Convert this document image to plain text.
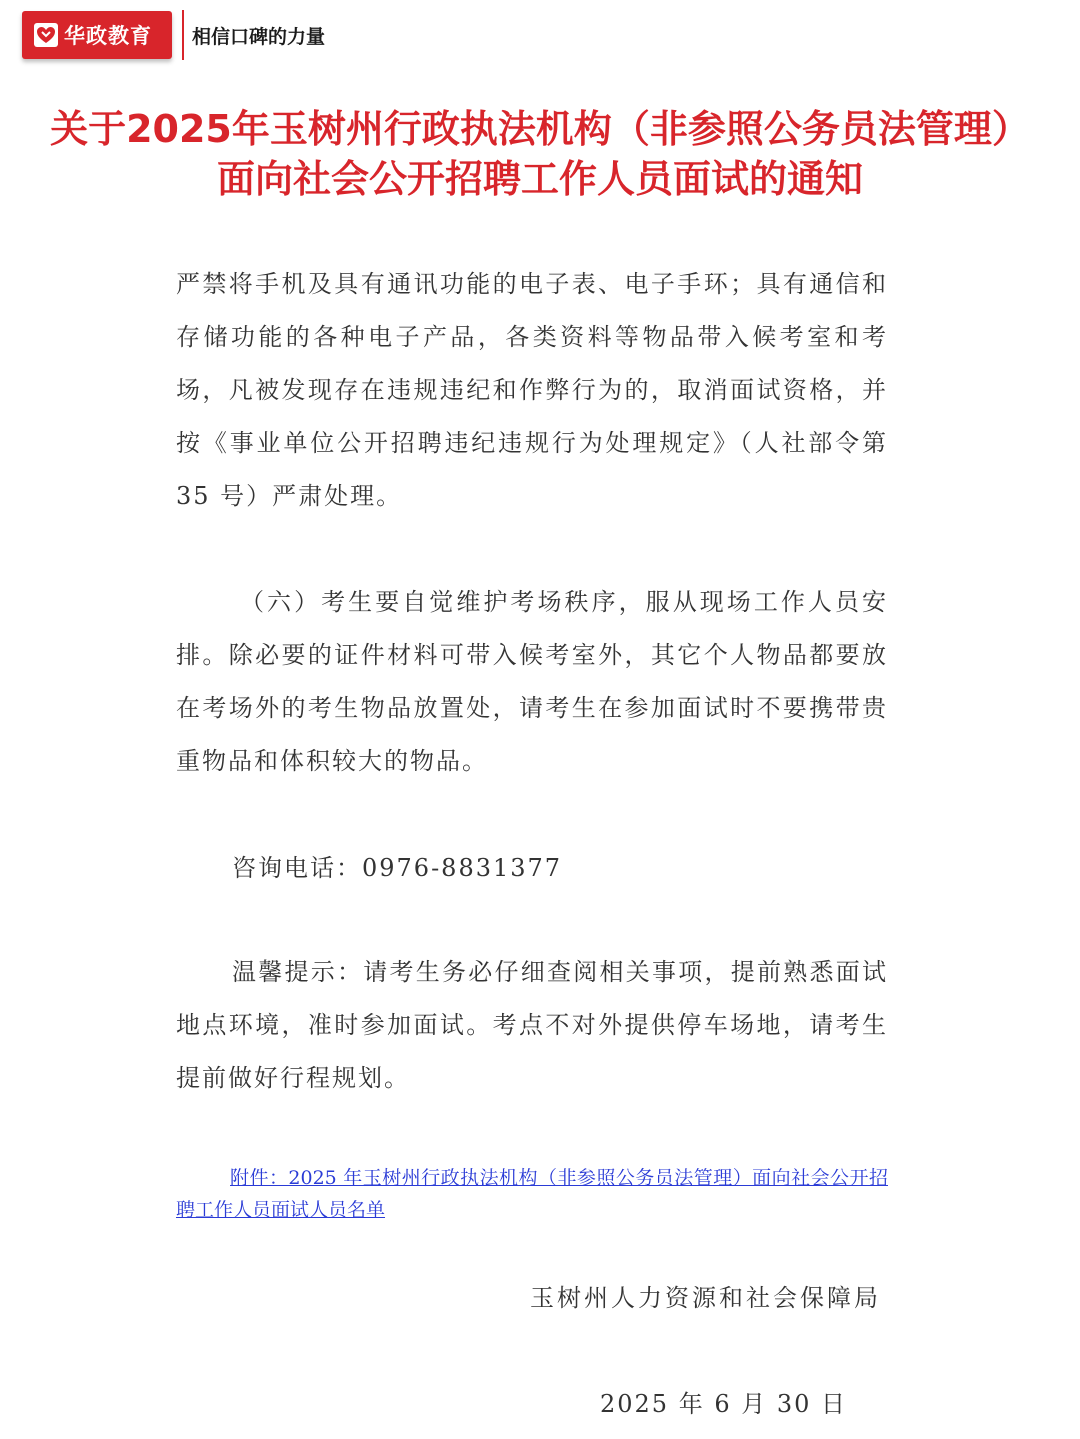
华政教育 相信口碑的力量
关于2025年玉树州行政执法机构（非参照公务员法管理）
面向社会公开招聘工作人员面试的通知

严禁将手机及具有通讯功能的电子表、电子手环；具有通信和存储功能的各种电子产品，各类资料等物品带入候考室和考场，凡被发现存在违规违纪和作弊行为的，取消面试资格，并按《事业单位公开招聘违纪违规行为处理规定》（人社部令第 35 号）严肃处理。

（六）考生要自觉维护考场秩序，服从现场工作人员安排。除必要的证件材料可带入候考室外，其它个人物品都要放在考场外的考生物品放置处，请考生在参加面试时不要携带贵重物品和体积较大的物品。

咨询电话：0976-8831377

温馨提示：请考生务必仔细查阅相关事项，提前熟悉面试地点环境，准时参加面试。考点不对外提供停车场地，请考生提前做好行程规划。

附件：2025 年玉树州行政执法机构（非参照公务员法管理）面向社会公开招聘工作人员面试人员名单

玉树州人力资源和社会保障局

2025 年 6 月 30 日
